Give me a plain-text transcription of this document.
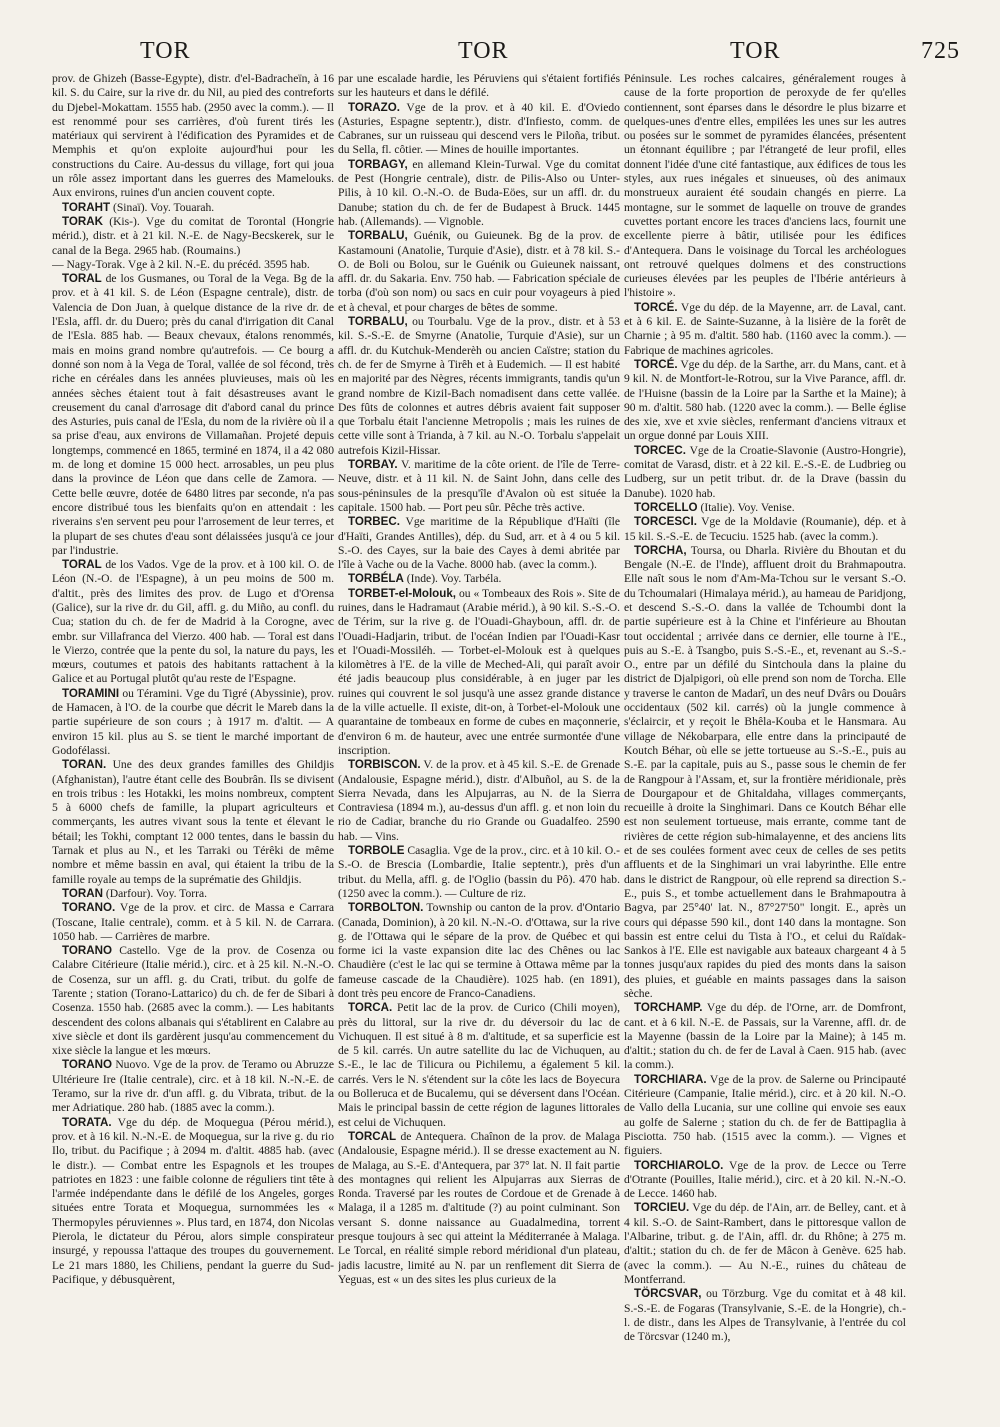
TOR	TOR	TOR	725

prov. de Ghizeh (Basse-Egypte), distr. d'el-Badracheïn, à 16 kil. S. du Caire, sur la rive dr. du Nil, au pied des contreforts du Djebel-Mokattam. 1555 hab. (2950 avec la comm.). — Il est renommé pour ses carrières, d'où furent tirés les matériaux qui servirent à l'édification des Pyramides et de Memphis et qu'on exploite aujourd'hui pour les constructions du Caire. Au-dessus du village, fort qui joua un rôle assez important dans les guerres des Mamelouks. Aux environs, ruines d'un ancien couvent copte.

TORAHT (Sinaï). Voy. Touarah.

TORAK (Kis-). Vge du comitat de Torontal (Hongrie mérid.), distr. et à 21 kil. N.-E. de Nagy-Becskerek, sur le canal de la Bega. 2965 hab. (Roumains.)

— Nagy-Torak. Vge à 2 kil. N.-E. du précéd. 3595 hab.

TORAL de los Gusmanes, ou Toral de la Vega. Bg de la prov. et à 41 kil. S. de Léon (Espagne centrale), distr. de Valencia de Don Juan, à quelque distance de la rive dr. de l'Esla, affl. dr. du Duero; près du canal d'irrigation dit Canal de l'Esla. 885 hab. — Beaux chevaux, étalons renommés, mais en moins grand nombre qu'autrefois. — Ce bourg a donné son nom à la Vega de Toral, vallée de sol fécond, très riche en céréales dans les années pluvieuses, mais où les années sèches étaient tout à fait désastreuses avant le creusement du canal d'arrosage dit d'abord canal du prince des Asturies, puis canal de l'Esla, du nom de la rivière où il a sa prise d'eau, aux environs de Villamañan. Projeté depuis longtemps, commencé en 1865, terminé en 1874, il a 42 080 m. de long et domine 15 000 hect. arrosables, un peu plus dans la province de Léon que dans celle de Zamora. — Cette belle œuvre, dotée de 6480 litres par seconde, n'a pas encore distribué tous les bienfaits qu'on en attendait : les riverains s'en servent peu pour l'arrosement de leur terres, et la plupart de ses chutes d'eau sont délaissées jusqu'à ce jour par l'industrie.

TORAL de los Vados. Vge de la prov. et à 100 kil. O. de Léon (N.-O. de l'Espagne), à un peu moins de 500 m. d'altit., près des limites des prov. de Lugo et d'Orensa (Galice), sur la rive dr. du Gil, affl. g. du Miño, au confl. du Cua; station du ch. de fer de Madrid à la Corogne, avec embr. sur Villafranca del Vierzo. 400 hab. — Toral est dans le Vierzo, contrée que la pente du sol, la nature du pays, les mœurs, coutumes et patois des habitants rattachent à la Galice et au Portugal plutôt qu'au reste de l'Espagne.

TORAMINI ou Téramini. Vge du Tigré (Abyssinie), prov. de Hamacen, à l'O. de la courbe que décrit le Mareb dans la partie supérieure de son cours ; à 1917 m. d'altit. — A environ 15 kil. plus au S. se tient le marché important de Godofélassi.

TORAN. Une des deux grandes familles des Ghildjis (Afghanistan), l'autre étant celle des Boubrân. Ils se divisent en trois tribus : les Hotakki, les moins nombreux, comptent 5 à 6000 chefs de famille, la plupart agriculteurs et commerçants, les autres vivant sous la tente et élevant le bétail; les Tokhi, comptant 12 000 tentes, dans le bassin du Tarnak et plus au N., et les Tarraki ou Térêki de même nombre et même bassin en aval, qui étaient la tribu de la famille royale au temps de la suprématie des Ghildjis.

TORAN (Darfour). Voy. Torra.

TORANO. Vge de la prov. et circ. de Massa e Carrara (Toscane, Italie centrale), comm. et à 5 kil. N. de Carrara. 1050 hab. — Carrières de marbre.

TORANO Castello. Vge de la prov. de Cosenza ou Calabre Citérieure (Italie mérid.), circ. et à 25 kil. N.-N.-O. de Cosenza, sur un affl. g. du Crati, tribut. du golfe de Tarente ; station (Torano-Lattarico) du ch. de fer de Sibari à Cosenza. 1550 hab. (2685 avec la comm.). — Les habitants descendent des colons albanais qui s'établirent en Calabre au xive siècle et dont ils gardèrent jusqu'au commencement du xixe siècle la langue et les mœurs.

TORANO Nuovo. Vge de la prov. de Teramo ou Abruzze Ultérieure Ire (Italie centrale), circ. et à 18 kil. N.-N.-E. de Teramo, sur la rive dr. d'un affl. g. du Vibrata, tribut. de la mer Adriatique. 280 hab. (1885 avec la comm.).

TORATA. Vge du dép. de Moquegua (Pérou mérid.), prov. et à 16 kil. N.-N.-E. de Moquegua, sur la rive g. du rio Ilo, tribut. du Pacifique ; à 2094 m. d'altit. 4885 hab. (avec le distr.). — Combat entre les Espagnols et les troupes patriotes en 1823 : une faible colonne de réguliers tint tête à l'armée indépendante dans le défilé de los Angeles, gorges situées entre Torata et Moquegua, surnommées les « Thermopyles péruviennes ». Plus tard, en 1874, don Nicolas Pierola, le dictateur du Pérou, alors simple conspirateur insurgé, y repoussa l'attaque des troupes du gouvernement. Le 21 mars 1880, les Chiliens, pendant la guerre du Sud-Pacifique, y débusquèrent,

par une escalade hardie, les Péruviens qui s'étaient fortifiés sur les hauteurs et dans le défilé.

TORAZO. Vge de la prov. et à 40 kil. E. d'Oviedo (Asturies, Espagne septentr.), distr. d'Infiesto, comm. de Cabranes, sur un ruisseau qui descend vers le Piloña, tribut. du Sella, fl. côtier. — Mines de houille importantes.

TORBAGY, en allemand Klein-Turwal. Vge du comitat de Pest (Hongrie centrale), distr. de Pilis-Also ou Unter-Pilis, à 10 kil. O.-N.-O. de Buda-Eöes, sur un affl. dr. du Danube; station du ch. de fer de Budapest à Bruck. 1445 hab. (Allemands). — Vignoble.

TORBALU, Guénik, ou Guieunek. Bg de la prov. de Kastamouni (Anatolie, Turquie d'Asie), distr. et à 78 kil. S.-O. de Boli ou Bolou, sur le Guénik ou Guieunek naissant, affl. dr. du Sakaria. Env. 750 hab. — Fabrication spéciale de torba (d'où son nom) ou sacs en cuir pour voyageurs à pied et à cheval, et pour charges de bêtes de somme.

TORBALU, ou Tourbalu. Vge de la prov., distr. et à 53 kil. S.-S.-E. de Smyrne (Anatolie, Turquie d'Asie), sur un affl. dr. du Kutchuk-Menderèh ou ancien Caïstre; station du ch. de fer de Smyrne à Tirêh et à Eudemich. — Il est habité en majorité par des Nègres, récents immigrants, tandis qu'un grand nombre de Kizil-Bach nomadisent dans cette vallée. Des fûts de colonnes et autres débris avaient fait supposer que Torbalu était l'ancienne Metropolis ; mais les ruines de cette ville sont à Trianda, à 7 kil. au N.-O. Torbalu s'appelait autrefois Kizil-Hissar.

TORBAY. V. maritime de la côte orient. de l'île de Terre-Neuve, distr. et à 11 kil. N. de Saint John, dans celle des sous-péninsules de la presqu'île d'Avalon où est située la capitale. 1500 hab. — Port peu sûr. Pêche très active.

TORBEC. Vge maritime de la République d'Haïti (île d'Haïti, Grandes Antilles), dép. du Sud, arr. et à 4 ou 5 kil. S.-O. des Cayes, sur la baie des Cayes à demi abritée par l'île à Vache ou de la Vache. 8000 hab. (avec la comm.).

TORBÉLA (Inde). Voy. Tarbéla.

TORBET-el-Molouk, ou « Tombeaux des Rois ». Site de ruines, dans le Hadramaut (Arabie mérid.), à 90 kil. S.-S.-O. de Térim, sur la rive g. de l'Ouadi-Ghayboun, affl. dr. de l'Ouadi-Hadjarin, tribut. de l'océan Indien par l'Ouadi-Kasr et l'Ouadi-Mossiléh. — Torbet-el-Molouk est à quelques kilomètres à l'E. de la ville de Meched-Ali, qui paraît avoir été jadis beaucoup plus considérable, à en juger par les ruines qui couvrent le sol jusqu'à une assez grande distance de la ville actuelle. Il existe, dit-on, à Torbet-el-Molouk une quarantaine de tombeaux en forme de cubes en maçonnerie, d'environ 6 m. de hauteur, avec une entrée surmontée d'une inscription.

TORBISCON. V. de la prov. et à 45 kil. S.-E. de Grenade (Andalousie, Espagne mérid.), distr. d'Albuñol, au S. de la Sierra Nevada, dans les Alpujarras, au N. de la Sierra Contraviesa (1894 m.), au-dessus d'un affl. g. et non loin du rio de Cadiar, branche du rio Grande ou Guadalfeo. 2590 hab. — Vins.

TORBOLE Casaglia. Vge de la prov., circ. et à 10 kil. O.-S.-O. de Brescia (Lombardie, Italie septentr.), près d'un tribut. du Mella, affl. g. de l'Oglio (bassin du Pô). 470 hab. (1250 avec la comm.). — Culture de riz.

TORBOLTON. Township ou canton de la prov. d'Ontario (Canada, Dominion), à 20 kil. N.-N.-O. d'Ottawa, sur la rive g. de l'Ottawa qui le sépare de la prov. de Québec et qui forme ici la vaste expansion dite lac des Chênes ou lac Chaudière (c'est le lac qui se termine à Ottawa même par la fameuse cascade de la Chaudière). 1025 hab. (en 1891), dont très peu encore de Franco-Canadiens.

TORCA. Petit lac de la prov. de Curico (Chili moyen), près du littoral, sur la rive dr. du déversoir du lac de Vichuquen. Il est situé à 8 m. d'altitude, et sa superficie est de 5 kil. carrés. Un autre satellite du lac de Vichuquen, au S.-E., le lac de Tilicura ou Pichilemu, a également 5 kil. carrés. Vers le N. s'étendent sur la côte les lacs de Boyecura ou Bolleruca et de Bucalemu, qui se déversent dans l'Océan. Mais le principal bassin de cette région de lagunes littorales est celui de Vichuquen.

TORCAL de Antequera. Chaînon de la prov. de Malaga (Andalousie, Espagne mérid.). Il se dresse exactement au N. de Malaga, au S.-E. d'Antequera, par 37° lat. N. Il fait partie des montagnes qui relient les Alpujarras aux Sierras de Ronda. Traversé par les routes de Cordoue et de Grenade à Malaga, il a 1285 m. d'altitude (?) au point culminant. Son versant S. donne naissance au Guadalmedina, torrent presque toujours à sec qui atteint la Méditerranée à Malaga. Le Torcal, en réalité simple rebord méridional d'un plateau, jadis lacustre, limité au N. par un renflement dit Sierra de Yeguas, est « un des sites les plus curieux de la

Péninsule. Les roches calcaires, généralement rouges à cause de la forte proportion de peroxyde de fer qu'elles contiennent, sont éparses dans le désordre le plus bizarre et quelques-unes d'entre elles, empilées les unes sur les autres ou posées sur le sommet de pyramides élancées, présentent un étonnant équilibre ; par l'étrangeté de leur profil, elles donnent l'idée d'une cité fantastique, aux édifices de tous les styles, aux rues inégales et sinueuses, où des animaux monstrueux auraient été soudain changés en pierre. La montagne, sur le sommet de laquelle on trouve de grandes cuvettes portant encore les traces d'anciens lacs, fournit une excellente pierre à bâtir, utilisée pour les édifices d'Antequera. Dans le voisinage du Torcal les archéologues ont retrouvé quelques dolmens et des constructions curieuses élevées par les peuples de l'Ibérie antérieurs à l'histoire ».

TORCÉ. Vge du dép. de la Mayenne, arr. de Laval, cant. et à 6 kil. E. de Sainte-Suzanne, à la lisière de la forêt de Charnie ; à 95 m. d'altit. 580 hab. (1160 avec la comm.). — Fabrique de machines agricoles.

TORCÉ. Vge du dép. de la Sarthe, arr. du Mans, cant. et à 9 kil. N. de Montfort-le-Rotrou, sur la Vive Parance, affl. dr. de l'Huisne (bassin de la Loire par la Sarthe et la Maine); à 90 m. d'altit. 580 hab. (1220 avec la comm.). — Belle église des xie, xve et xvie siècles, renfermant d'anciens vitraux et un orgue donné par Louis XIII.

TORCEC. Vge de la Croatie-Slavonie (Austro-Hongrie), comitat de Varasd, distr. et à 22 kil. E.-S.-E. de Ludbrieg ou Ludberg, sur un petit tribut. dr. de la Drave (bassin du Danube). 1020 hab.

TORCELLO (Italie). Voy. Venise.

TORCESCI. Vge de la Moldavie (Roumanie), dép. et à 15 kil. S.-S.-E. de Tecuciu. 1525 hab. (avec la comm.).

TORCHA, Toursa, ou Dharla. Rivière du Bhoutan et du Bengale (N.-E. de l'Inde), affluent droit du Brahmapoutra. Elle naît sous le nom d'Am-Ma-Tchou sur le versant S.-O. du Tchoumalari (Himalaya mérid.), au hameau de Paridjong, et descend S.-S.-O. dans la vallée de Tchoumbi dont la partie supérieure est à la Chine et l'inférieure au Bhoutan tout occidental ; arrivée dans ce dernier, elle tourne à l'E., puis au S.-E. à Tsangbo, puis S.-S.-E., et, revenant au S.-S.-O., entre par un défilé du Sintchoula dans la plaine du district de Djalpigori, où elle prend son nom de Torcha. Elle y traverse le canton de Madarî, un des neuf Dvârs ou Douârs occidentaux (502 kil. carrés) où la jungle commence à s'éclaircir, et y reçoit le Bhêla-Kouba et le Hansmara. Au village de Nékobarpara, elle entre dans la principauté de Koutch Béhar, où elle se jette tortueuse au S.-S.-E., puis au S.-E. par la capitale, puis au S., passe sous le chemin de fer de Rangpour à l'Assam, et, sur la frontière méridionale, près de Dourgapour et de Ghitaldaha, villages commerçants, recueille à droite la Singhimari. Dans ce Koutch Béhar elle est non seulement tortueuse, mais errante, comme tant de rivières de cette région sub-himalayenne, et des anciens lits et de ses coulées forment avec ceux de celles de ses petits affluents et de la Singhimari un vrai labyrinthe. Elle entre dans le district de Rangpour, où elle reprend sa direction S.-E., puis S., et tombe actuellement dans le Brahmapoutra à Bagva, par 25°40' lat. N., 87°27'50" longit. E., après un cours qui dépasse 590 kil., dont 140 dans la montagne. Son bassin est entre celui du Tista à l'O., et celui du Raïdak-Sankos à l'E. Elle est navigable aux bateaux chargeant 4 à 5 tonnes jusqu'aux rapides du pied des monts dans la saison des pluies, et guéable en maints passages dans la saison sèche.

TORCHAMP. Vge du dép. de l'Orne, arr. de Domfront, cant. et à 6 kil. N.-E. de Passais, sur la Varenne, affl. dr. de la Mayenne (bassin de la Loire par la Maine); à 145 m. d'altit.; station du ch. de fer de Laval à Caen. 915 hab. (avec la comm.).

TORCHIARA. Vge de la prov. de Salerne ou Principauté Citérieure (Campanie, Italie mérid.), circ. et à 20 kil. N.-O. de Vallo della Lucania, sur une colline qui envoie ses eaux au golfe de Salerne ; station du ch. de fer de Battipaglia à Pisciotta. 750 hab. (1515 avec la comm.). — Vignes et figuiers.

TORCHIAROLO. Vge de la prov. de Lecce ou Terre d'Otrante (Pouilles, Italie mérid.), circ. et à 20 kil. N.-N.-O. de Lecce. 1460 hab.

TORCIEU. Vge du dép. de l'Ain, arr. de Belley, cant. et à 4 kil. S.-O. de Saint-Rambert, dans le pittoresque vallon de l'Albarine, tribut. g. de l'Ain, affl. dr. du Rhône; à 275 m. d'altit.; station du ch. de fer de Mâcon à Genève. 625 hab. (avec la comm.). — Au N.-E., ruines du château de Montferrand.

TÖRCSVAR, ou Törzburg. Vge du comitat et à 48 kil. S.-S.-E. de Fogaras (Transylvanie, S.-E. de la Hongrie), ch.-l. de distr., dans les Alpes de Transylvanie, à l'entrée du col de Törcsvar (1240 m.),
